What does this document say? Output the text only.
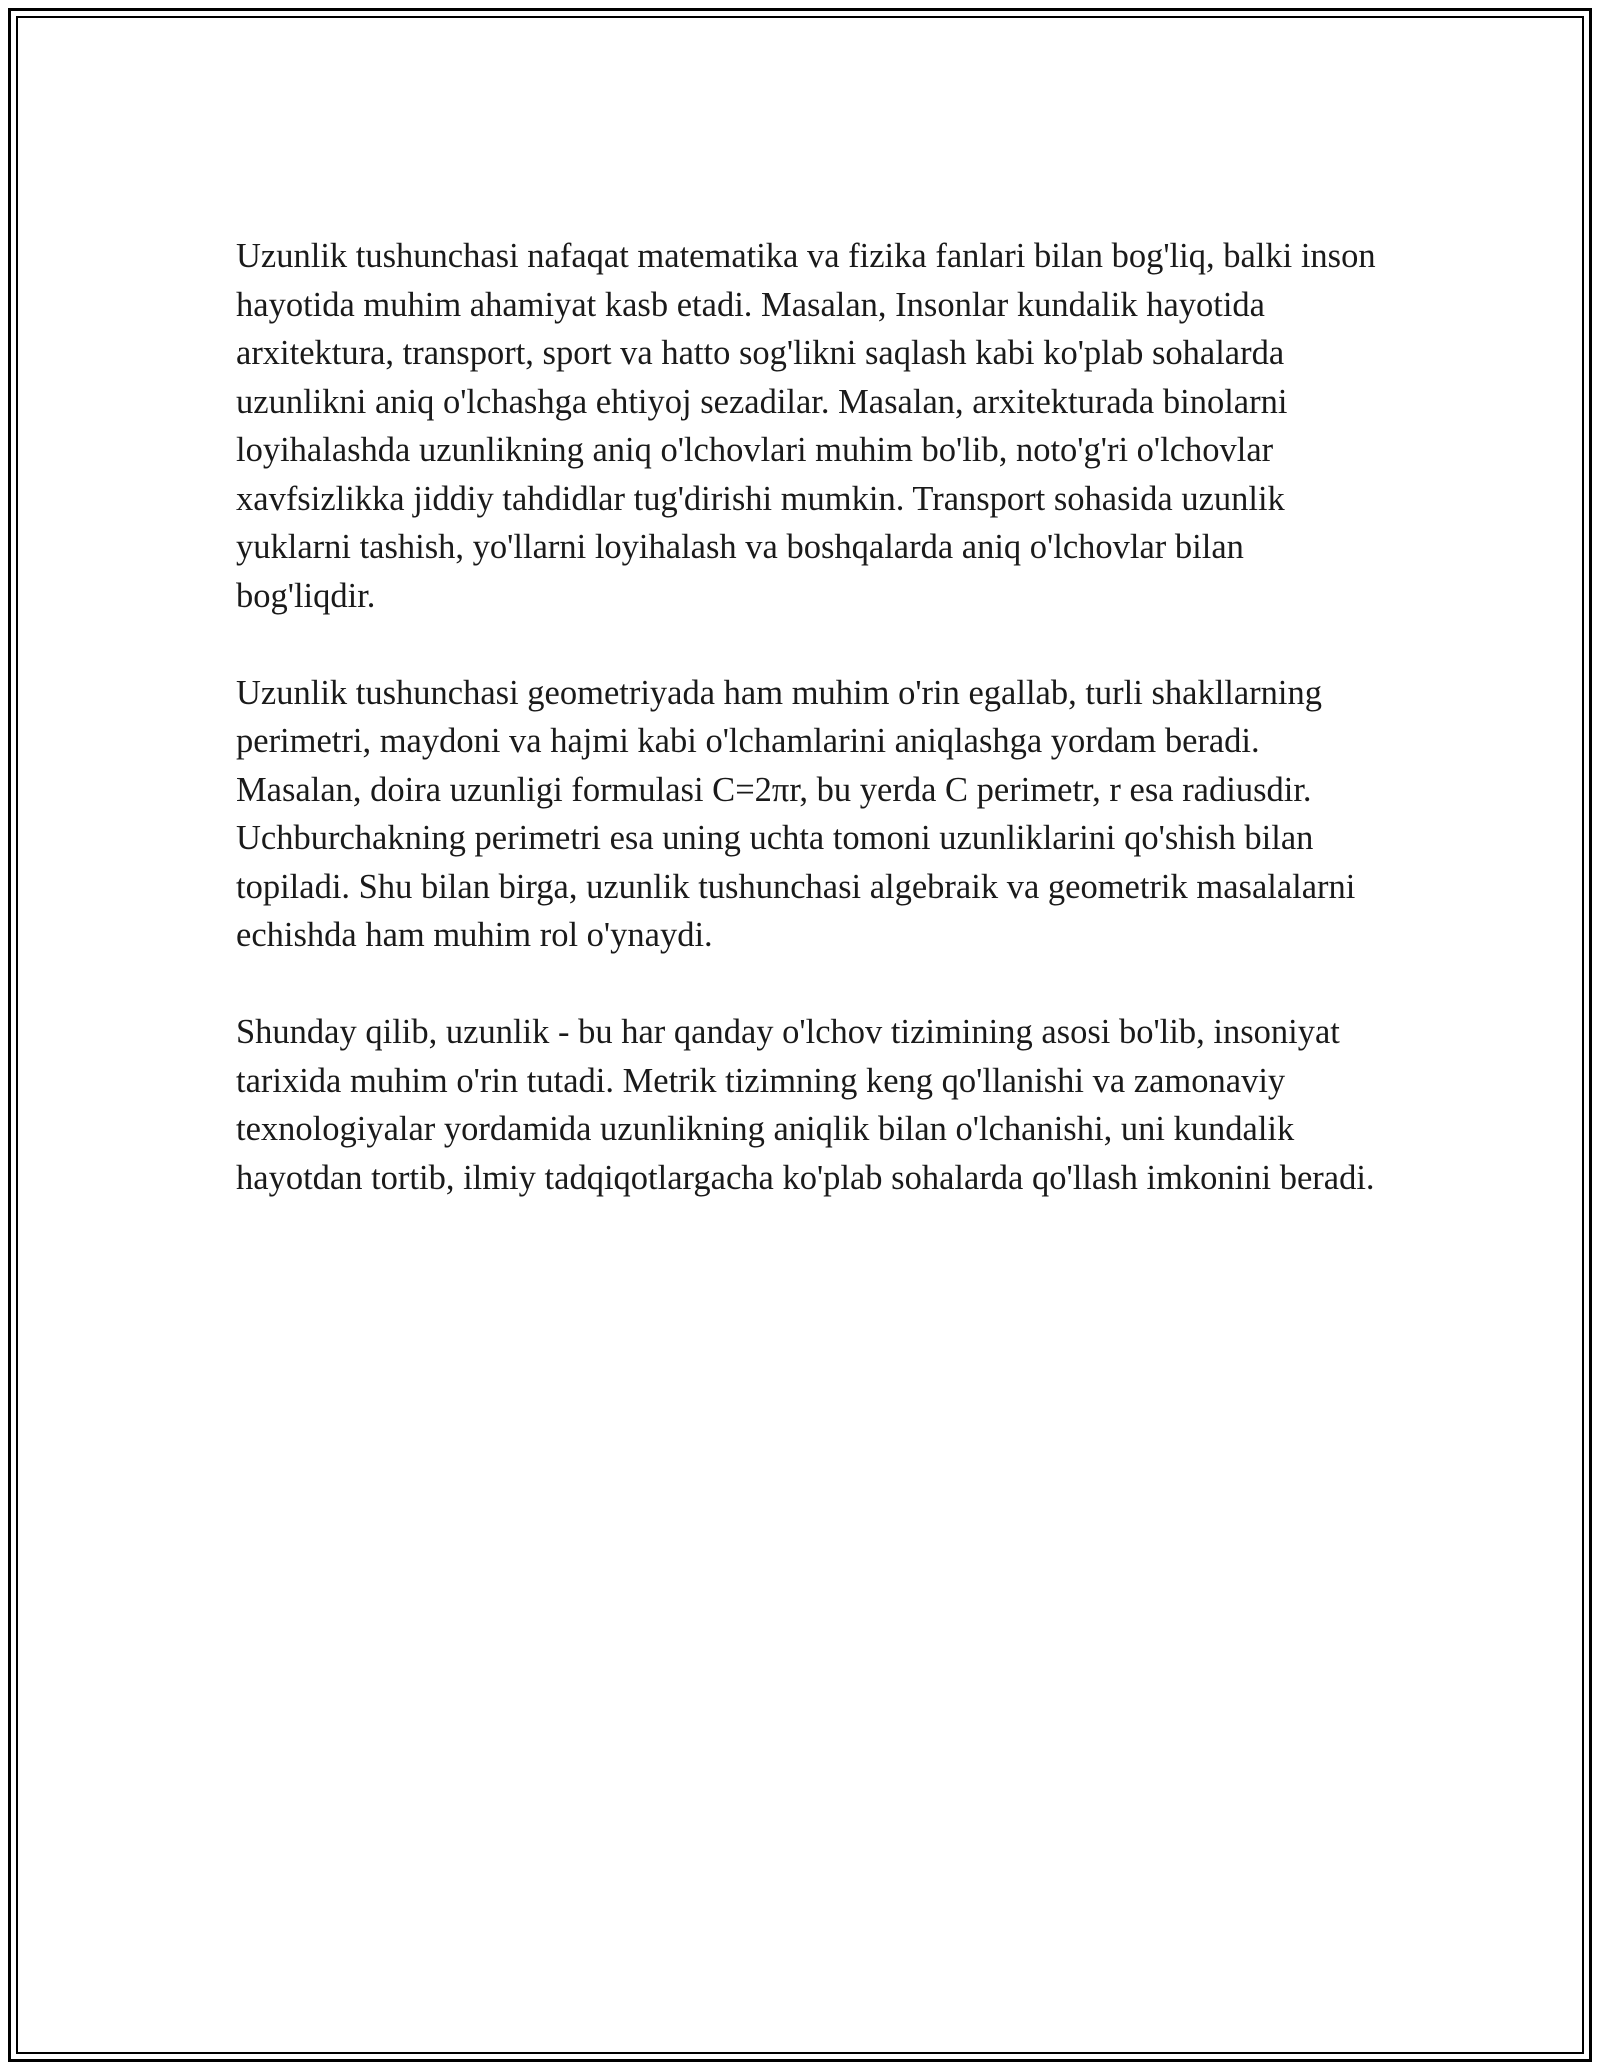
Uzunlik tushunchasi nafaqat matematika va fizika fanlari bilan bog'liq, balki inson hayotida muhim ahamiyat kasb etadi. Masalan, Insonlar kundalik hayotida arxitektura, transport, sport va hatto sog'likni saqlash kabi ko'plab sohalarda uzunlikni aniq o'lchashga ehtiyoj sezadilar. Masalan, arxitekturada binolarni loyihalashda uzunlikning aniq o'lchovlari muhim bo'lib, noto'g'ri o'lchovlar xavfsizlikka jiddiy tahdidlar tug'dirishi mumkin. Transport sohasida uzunlik yuklarni tashish, yo'llarni loyihalash va boshqalarda aniq o'lchovlar bilan bog'liqdir.

Uzunlik tushunchasi geometriyada ham muhim o'rin egallab, turli shakllarning perimetri, maydoni va hajmi kabi o'lchamlarini aniqlashga yordam beradi. Masalan, doira uzunligi formulasi C=2πr, bu yerda C perimetr, r esa radiusdir. Uchburchakning perimetri esa uning uchta tomoni uzunliklarini qo'shish bilan topiladi. Shu bilan birga, uzunlik tushunchasi algebraik va geometrik masalalarni echishda ham muhim rol o'ynaydi.

Shunday qilib, uzunlik - bu har qanday o'lchov tizimining asosi bo'lib, insoniyat tarixida muhim o'rin tutadi. Metrik tizimning keng qo'llanishi va zamonaviy texnologiyalar yordamida uzunlikning aniqlik bilan o'lchanishi, uni kundalik hayotdan tortib, ilmiy tadqiqotlargacha ko'plab sohalarda qo'llash imkonini beradi.
